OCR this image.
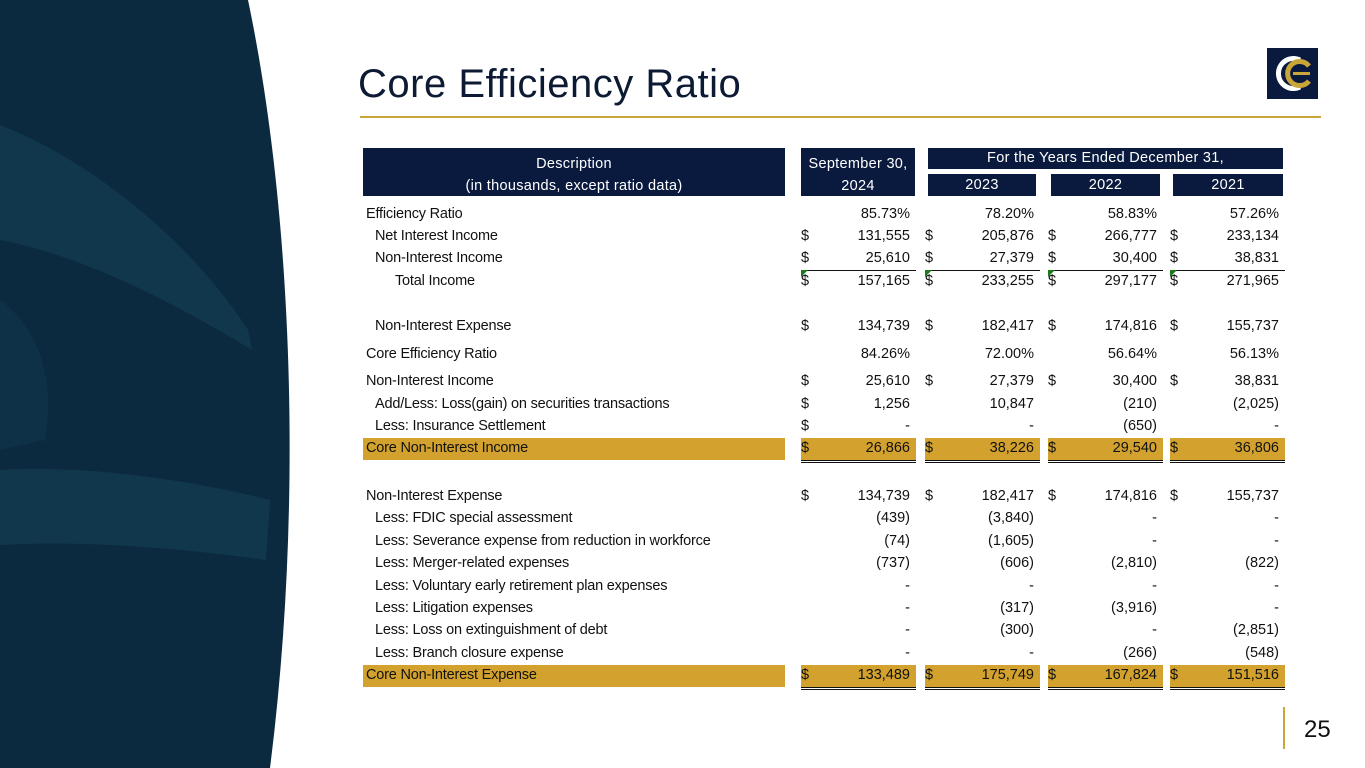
Core Efficiency Ratio
Description
(in thousands, except ratio data)
September 30,
2024
For the Years Ended December 31,
2023	2022	2021
Efficiency Ratio	85.73%	78.20%	58.83%	57.26%
Net Interest Income	$	131,555 $	205,876 $	266,777 $	233,134
Non-Interest Income	$	25,610 $	27,379 $	30,400 $	38,831
Total Income	$	157,165 $	233,255 $	297,177 $	271,965
Non-Interest Expense	$	134,739 $	182,417 $	174,816 $	155,737
Core Efficiency Ratio	84.26%	72.00%	56.64%	56.13%
Non-Interest Income	$	25,610 $	27,379 $	30,400 $	38,831
Add/Less: Loss(gain) on securities transactions	$	1,256	10,847	(210)	(2,025)
Less: Insurance Settlement	$	-	-	(650)	-
Core Non-Interest Income	$	26,866 $	38,226 $	29,540 $	36,806
Non-Interest Expense	$	134,739 $	182,417 $	174,816 $	155,737
Less: FDIC special assessment	(439)	(3,840)	-	-
Less: Severance expense from reduction in workforce	(74)	(1,605)	-	-
Less: Merger-related expenses	(737)	(606)	(2,810)	(822)
Less: Voluntary early retirement plan expenses	-	-	-	-
Less: Litigation expenses	-	(317)	(3,916)	-
Less: Loss on extinguishment of debt	-	(300)	-	(2,851)
Less: Branch closure expense	-	-	(266)	(548)
Core Non-Interest Expense	$	133,489 $	175,749 $	167,824 $	151,516
25
